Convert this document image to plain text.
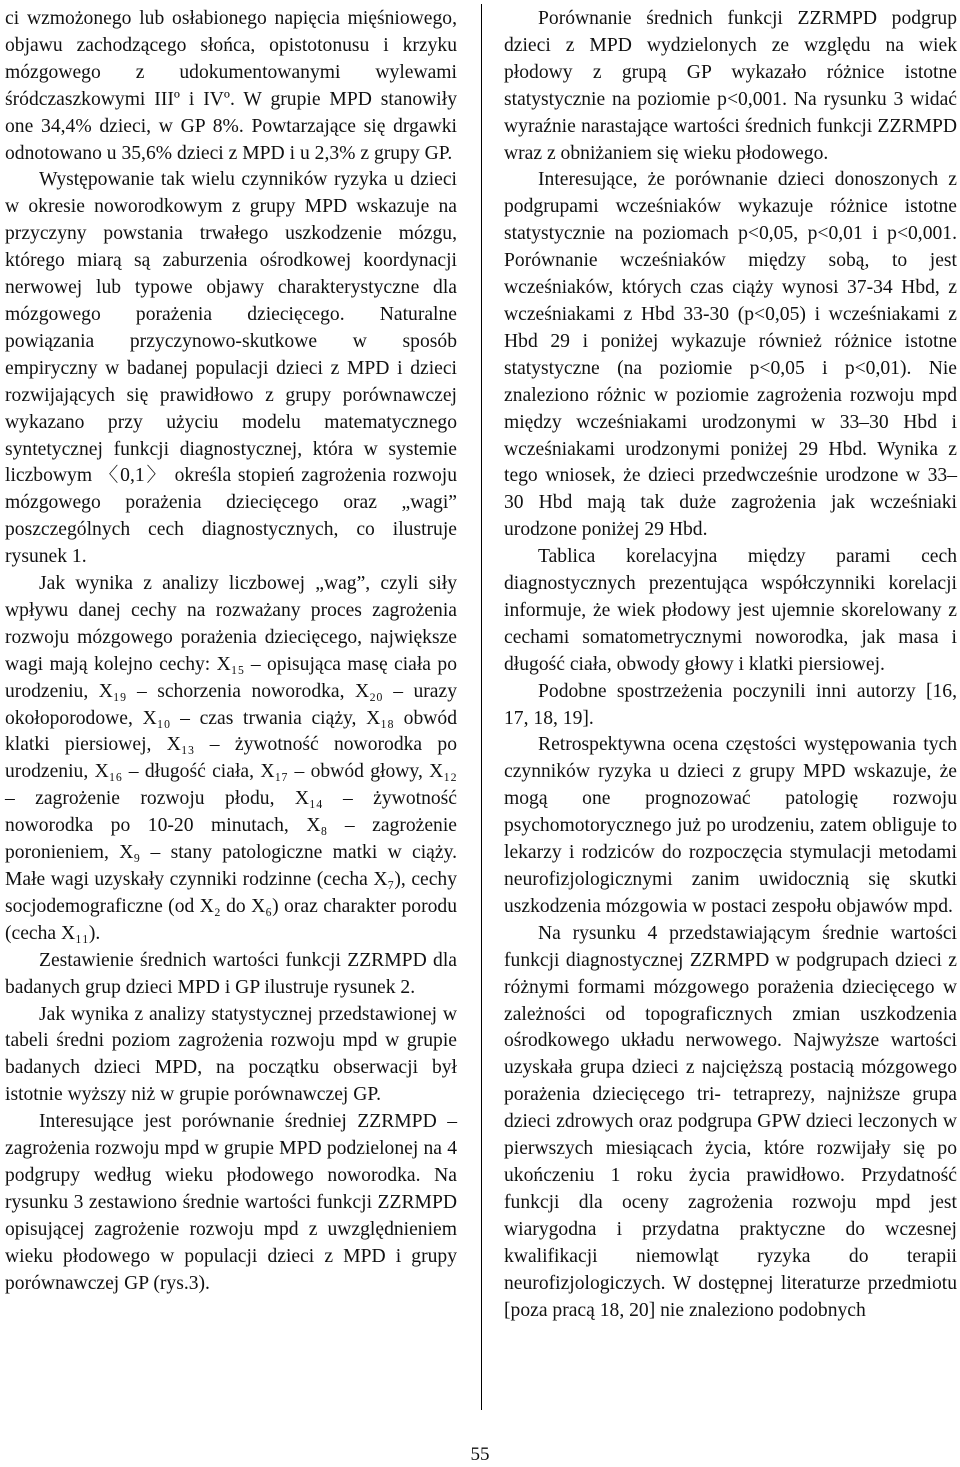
ci wzmożonego lub osłabionego napięcia mięśniowego, objawu zachodzącego słońca, opistotonusu i krzyku mózgowego z udokumentowanymi wylewami śródczaszkowymi IIIº i IVº. W grupie MPD stanowiły one 34,4% dzieci, w GP 8%. Powtarzające się drgawki odnotowano u 35,6% dzieci z MPD i u 2,3% z grupy GP.

Występowanie tak wielu czynników ryzyka u dzieci w okresie noworodkowym z grupy MPD wskazuje na przyczyny powstania trwałego uszkodzenie mózgu, którego miarą są zaburzenia ośrodkowej koordynacji nerwowej lub typowe objawy charakterystyczne dla mózgowego porażenia dziecięcego. Naturalne powiązania przyczynowo-skutkowe w sposób empiryczny w badanej populacji dzieci z MPD i dzieci rozwijających się prawidłowo z grupy porównawczej wykazano przy użyciu modelu matematycznego syntetycznej funkcji diagnostycznej, która w systemie liczbowym 〈0,1〉 określa stopień zagrożenia rozwoju mózgowego porażenia dziecięcego oraz „wagi” poszczególnych cech diagnostycznych, co ilustruje rysunek 1.

Jak wynika z analizy liczbowej „wag”, czyli siły wpływu danej cechy na rozważany proces zagrożenia rozwoju mózgowego porażenia dziecięcego, największe wagi mają kolejno cechy: X₁₅ – opisująca masę ciała po urodzeniu, X₁₉ – schorzenia noworodka, X₂₀ – urazy okołoporodowe, X₁₀ – czas trwania ciąży, X₁₈ obwód klatki piersiowej, X₁₃ – żywotność noworodka po urodzeniu, X₁₆ – długość ciała, X₁₇ – obwód głowy, X₁₂ – zagrożenie rozwoju płodu, X₁₄ – żywotność noworodka po 10-20 minutach, X₈ – zagrożenie poronieniem, X₉ – stany patologiczne matki w ciąży. Małe wagi uzyskały czynniki rodzinne (cecha X₇), cechy socjodemograficzne (od X₂ do X₆) oraz charakter porodu (cecha X₁₁).

Zestawienie średnich wartości funkcji ZZRMPD dla badanych grup dzieci MPD i GP ilustruje rysunek 2.

Jak wynika z analizy statystycznej przedstawionej w tabeli średni poziom zagrożenia rozwoju mpd w grupie badanych dzieci MPD, na początku obserwacji był istotnie wyższy niż w grupie porównawczej GP.

Interesujące jest porównanie średniej ZZRMPD – zagrożenia rozwoju mpd w grupie MPD podzielonej na 4 podgrupy według wieku płodowego noworodka. Na rysunku 3 zestawiono średnie wartości funkcji ZZRMPD opisującej zagrożenie rozwoju mpd z uwzględnieniem wieku płodowego w populacji dzieci z MPD i grupy porównawczej GP (rys.3).

Porównanie średnich funkcji ZZRMPD podgrup dzieci z MPD wydzielonych ze względu na wiek płodowy z grupą GP wykazało różnice istotne statystycznie na poziomie p<0,001. Na rysunku 3 widać wyraźnie narastające wartości średnich funkcji ZZRMPD wraz z obniżaniem się wieku płodowego.

Interesujące, że porównanie dzieci donoszonych z podgrupami wcześniaków wykazuje różnice istotne statystycznie na poziomach p<0,05, p<0,01 i p<0,001. Porównanie wcześniaków między sobą, to jest wcześniaków, których czas ciąży wynosi 37-34 Hbd, z wcześniakami z Hbd 33-30 (p<0,05) i wcześniakami z Hbd 29 i poniżej wykazuje również różnice istotne statystyczne (na poziomie p<0,05 i p<0,01). Nie znaleziono różnic w poziomie zagrożenia rozwoju mpd między wcześniakami urodzonymi w 33–30 Hbd i wcześniakami urodzonymi poniżej 29 Hbd. Wynika z tego wniosek, że dzieci przedwcześnie urodzone w 33–30 Hbd mają tak duże zagrożenia jak wcześniaki urodzone poniżej 29 Hbd.

Tablica korelacyjna między parami cech diagnostycznych prezentująca współczynniki korelacji informuje, że wiek płodowy jest ujemnie skorelowany z cechami somatometrycznymi noworodka, jak masa i długość ciała, obwody głowy i klatki piersiowej.

Podobne spostrzeżenia poczynili inni autorzy [16, 17, 18, 19].

Retrospektywna ocena częstości występowania tych czynników ryzyka u dzieci z grupy MPD wskazuje, że mogą one prognozować patologię rozwoju psychomotorycznego już po urodzeniu, zatem obliguje to lekarzy i rodziców do rozpoczęcia stymulacji metodami neurofizjologicznymi zanim uwidocznią się skutki uszkodzenia mózgowia w postaci zespołu objawów mpd.

Na rysunku 4 przedstawiającym średnie wartości funkcji diagnostycznej ZZRMPD w podgrupach dzieci z różnymi formami mózgowego porażenia dziecięcego w zależności od topograficznych zmian uszkodzenia ośrodkowego układu nerwowego. Najwyższe wartości uzyskała grupa dzieci z najcięższą postacią mózgowego porażenia dziecięcego tri- tetraprezy, najniższe grupa dzieci zdrowych oraz podgrupa GPW dzieci leczonych w pierwszych miesiącach życia, które rozwijały się po ukończeniu 1 roku życia prawidłowo. Przydatność funkcji dla oceny zagrożenia rozwoju mpd jest wiarygodna i przydatna praktyczne do wczesnej kwalifikacji niemowląt ryzyka do terapii neurofizjologiczych. W dostępnej literaturze przedmiotu [poza pracą 18, 20] nie znaleziono podobnych

55
